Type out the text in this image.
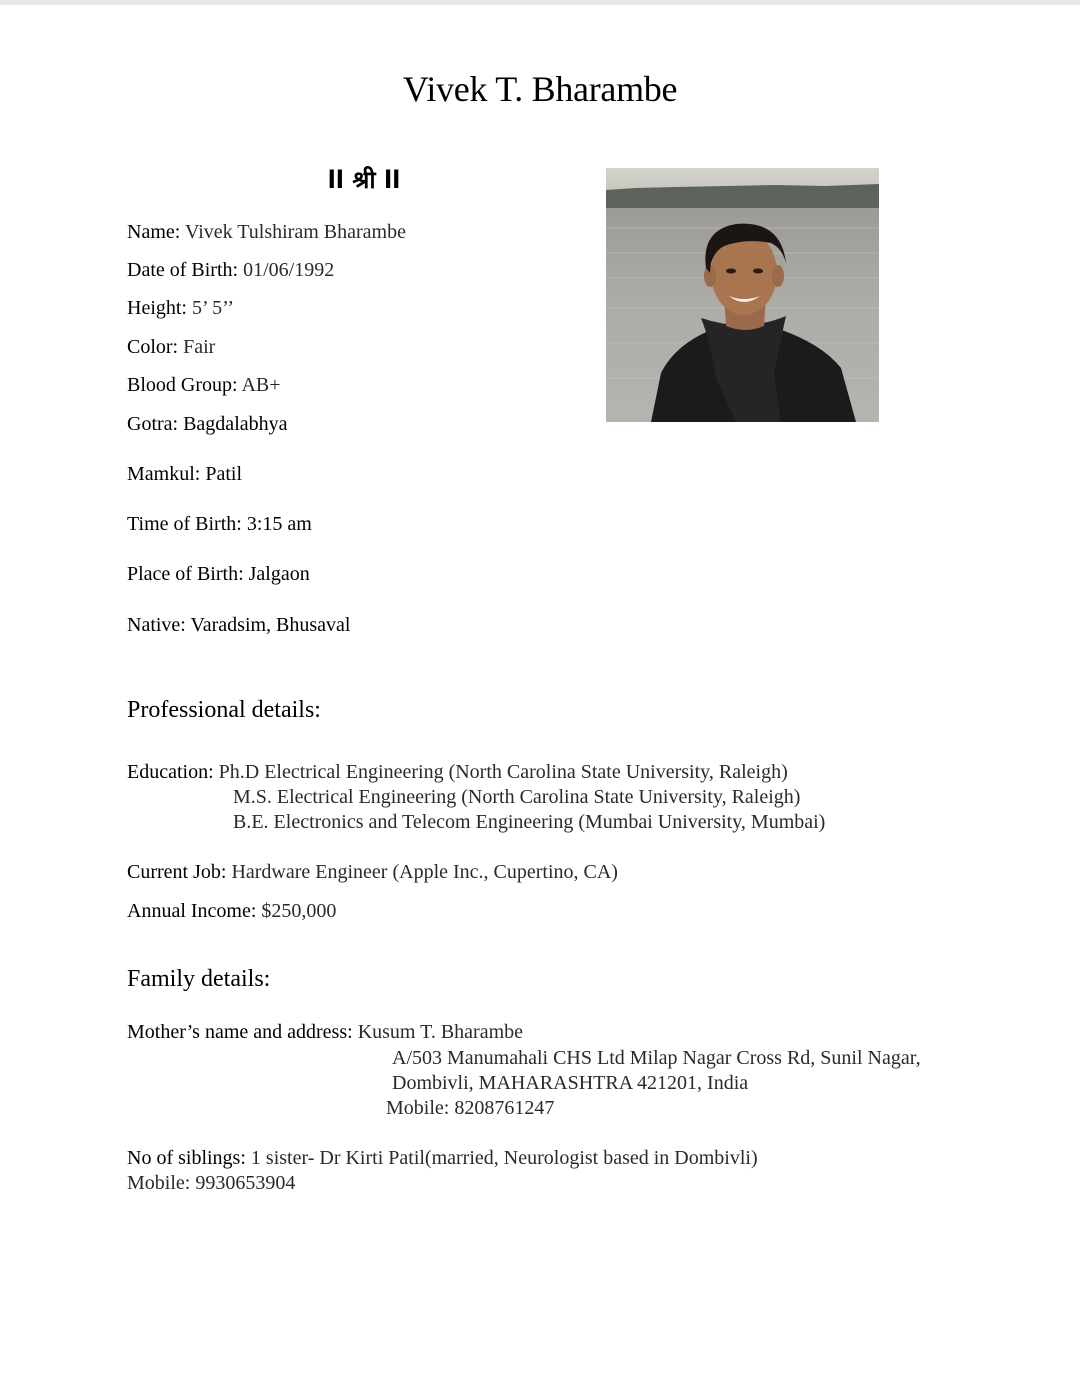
Vivek T. Bharambe
ll श्री ll
Name: Vivek Tulshiram Bharambe
Date of Birth: 01/06/1992
Height: 5’ 5’’
Color: Fair
Blood Group: AB+
Gotra: Bagdalabhya
Mamkul: Patil
Time of Birth: 3:15 am
Place of Birth: Jalgaon
Native: Varadsim, Bhusaval
Professional details:
Education: Ph.D Electrical Engineering (North Carolina State University, Raleigh)
M.S. Electrical Engineering (North Carolina State University, Raleigh)
B.E. Electronics and Telecom Engineering (Mumbai University, Mumbai)
Current Job: Hardware Engineer (Apple Inc., Cupertino, CA)
Annual Income: $250,000
Family details:
Mother’s name and address: Kusum T. Bharambe
A/503 Manumahali CHS Ltd Milap Nagar Cross Rd, Sunil Nagar,
Dombivli, MAHARASHTRA 421201, India
Mobile: 8208761247
No of siblings: 1 sister- Dr Kirti Patil(married, Neurologist based in Dombivli)
Mobile: 9930653904
